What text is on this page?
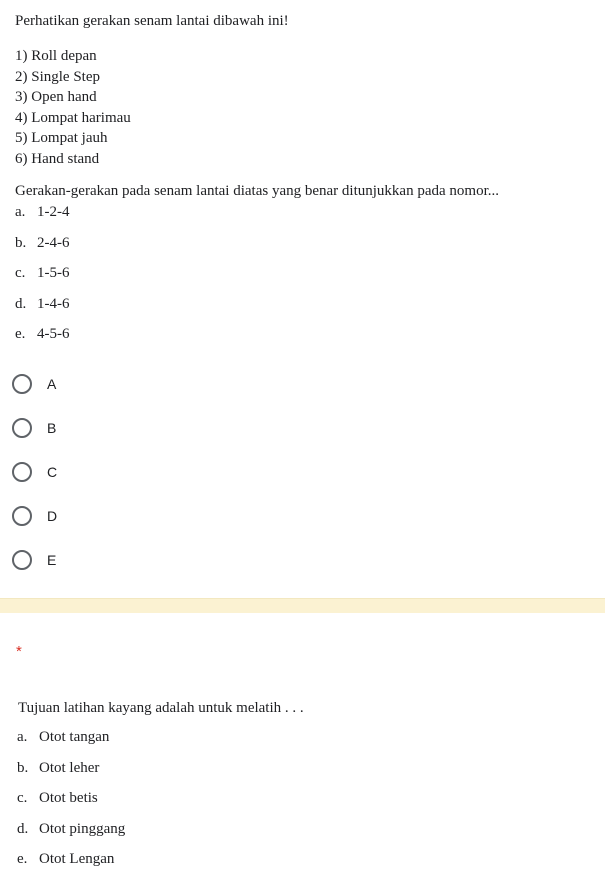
Perhatikan gerakan senam lantai dibawah ini!

1) Roll depan
2) Single Step
3) Open hand
4) Lompat harimau
5) Lompat jauh
6) Hand stand
Gerakan-gerakan pada senam lantai diatas yang benar ditunjukkan pada nomor...
a. 1-2-4
b. 2-4-6
c. 1-5-6
d. 1-4-6
e. 4-5-6
A
B
C
D
E
*
Tujuan latihan kayang adalah untuk melatih . . .
a. Otot tangan
b. Otot leher
c. Otot betis
d. Otot pinggang
e. Otot Lengan
